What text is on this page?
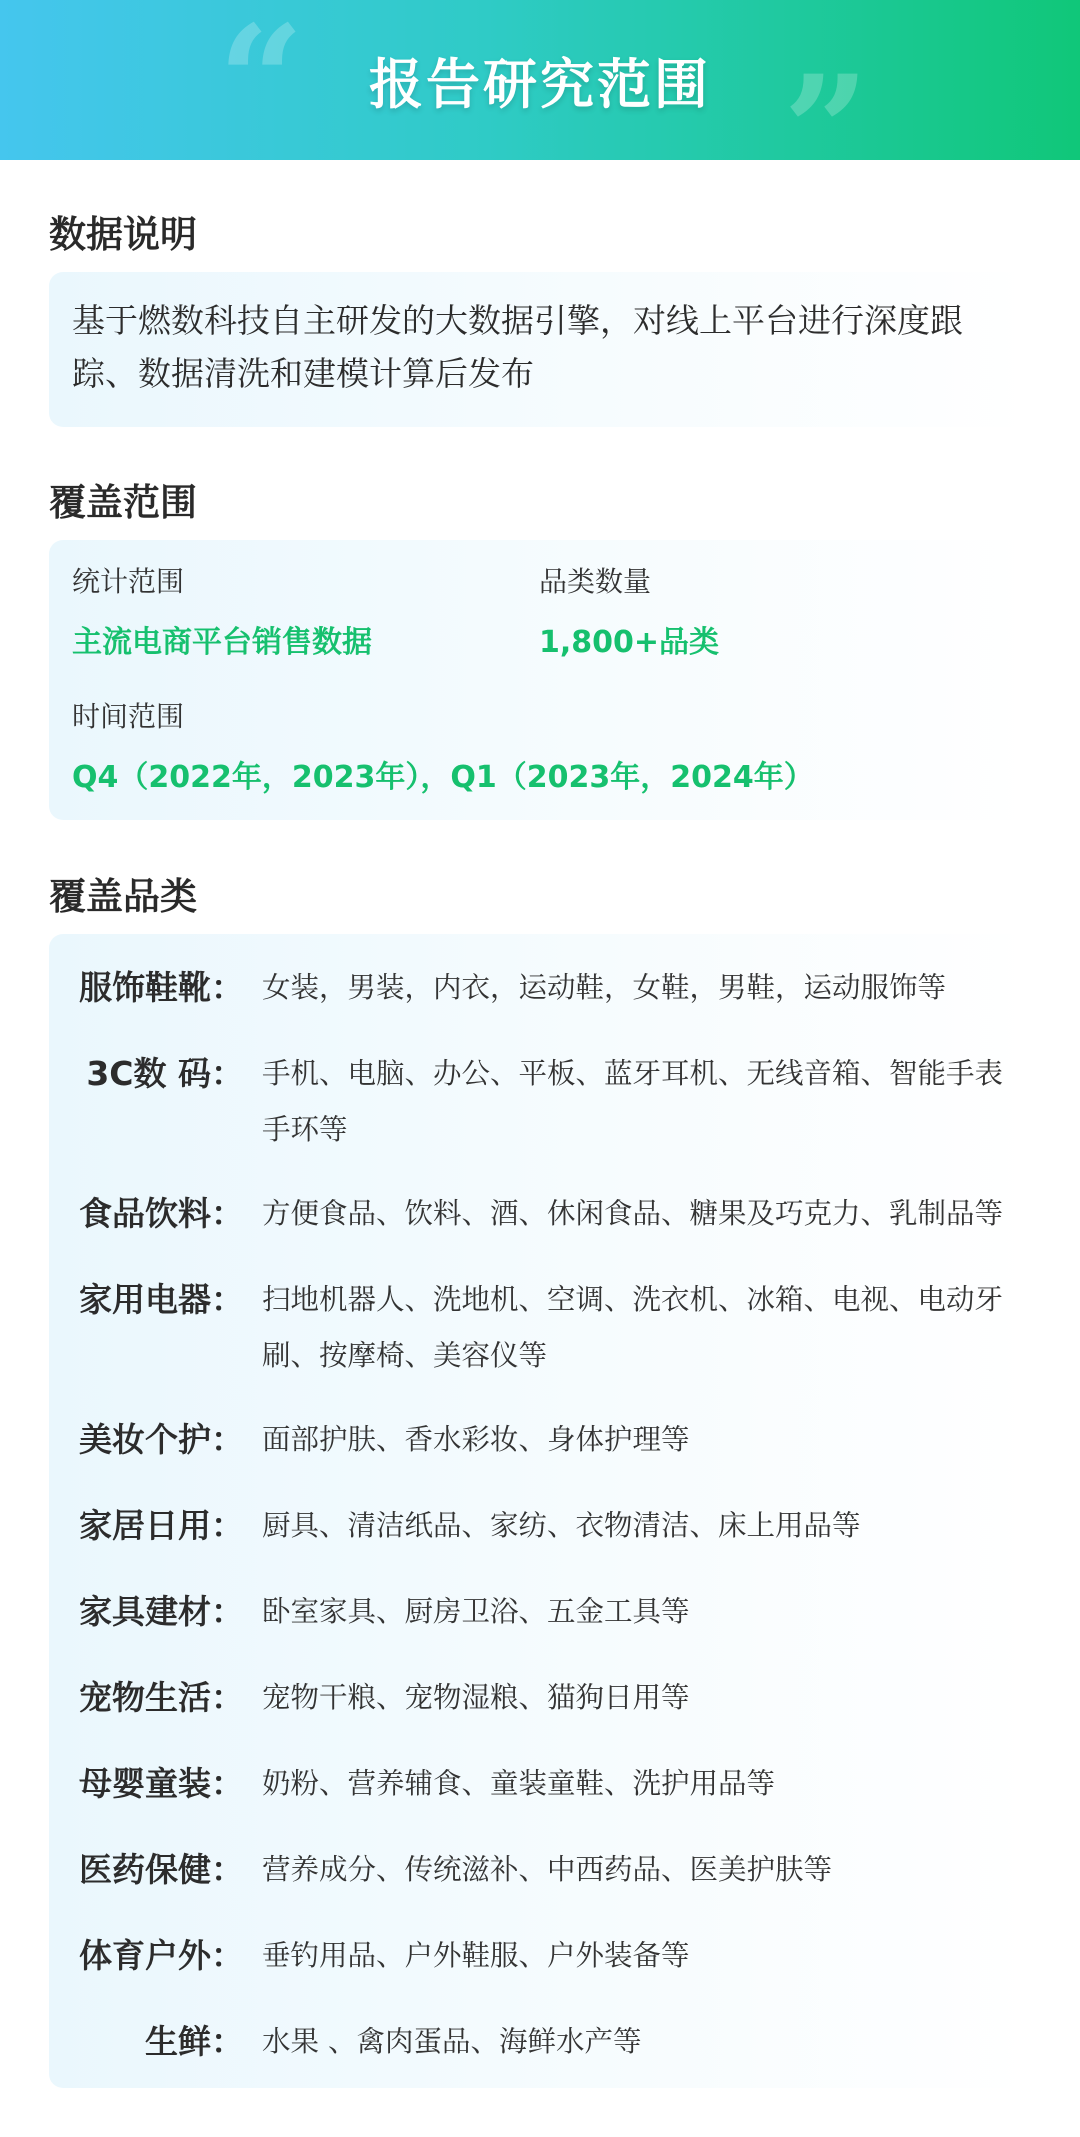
“	”
报告研究范围
数据说明
基于燃数科技自主研发的大数据引擎，对线上平台进行深度跟踪、数据清洗和建模计算后发布
覆盖范围
统计范围
主流电商平台销售数据
品类数量
1,800+品类
时间范围
Q4（2022年，2023年），Q1（2023年，2024年）
覆盖品类
服饰鞋靴： 女装，男装，内衣，运动鞋，女鞋，男鞋，运动服饰等
3C数 码： 手机、电脑、办公、平板、蓝牙耳机、无线音箱、智能手表手环等
食品饮料： 方便食品、饮料、酒、休闲食品、糖果及巧克力、乳制品等
家用电器： 扫地机器人、洗地机、空调、洗衣机、冰箱、电视、电动牙刷、按摩椅、美容仪等
美妆个护： 面部护肤、香水彩妆、身体护理等
家居日用： 厨具、清洁纸品、家纺、衣物清洁、床上用品等
家具建材： 卧室家具、厨房卫浴、五金工具等
宠物生活： 宠物干粮、宠物湿粮、猫狗日用等
母婴童装： 奶粉、营养辅食、童装童鞋、洗护用品等
医药保健： 营养成分、传统滋补、中西药品、医美护肤等
体育户外： 垂钓用品、户外鞋服、户外装备等
生鲜： 水果 、禽肉蛋品、海鲜水产等
